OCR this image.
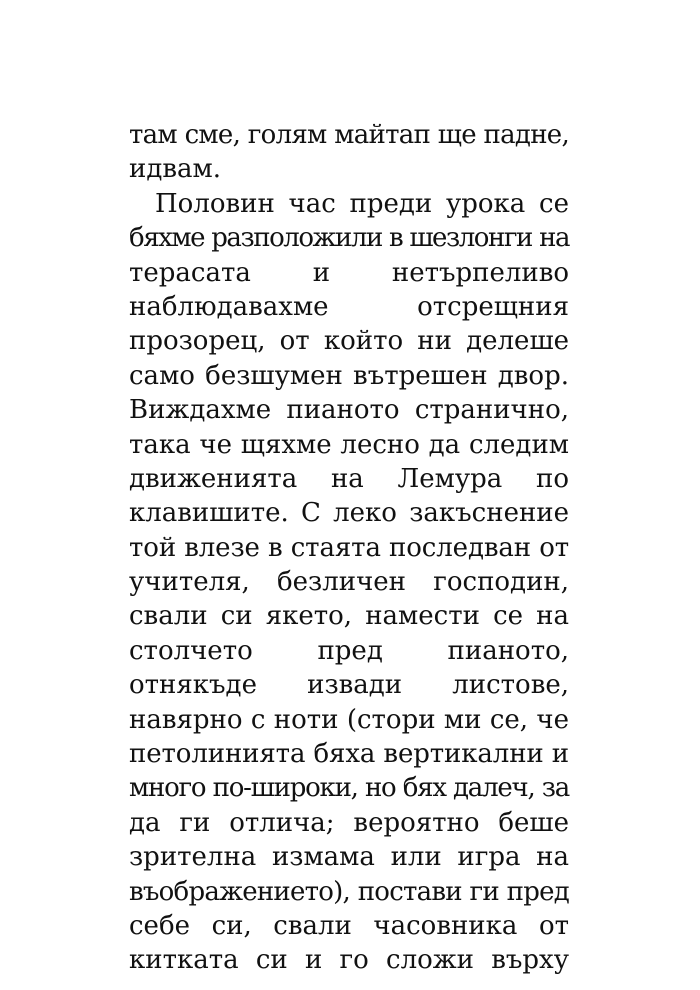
там сме, голям майтап ще падне,
идвам.
Половин час преди урока се
бяхме разположили в шезлонги на
терасата и нетърпеливо
наблюдавахме отсрещния
прозорец, от който ни делеше
само безшумен вътрешен двор.
Виждахме пианото странично,
така че щяхме лесно да следим
движенията на Лемура по
клавишите. С леко закъснение
той влезе в стаята последван от
учителя, безличен господин,
свали си якето, намести се на
столчето пред пианото,
отнякъде извади листове,
навярно с ноти (стори ми се, че
петолинията бяха вертикални и
много по-широки, но бях далеч, за
да ги отлича; вероятно беше
зрителна измама или игра на
въображението), постави ги пред
себе си, свали часовника от
китката си и го сложи върху
